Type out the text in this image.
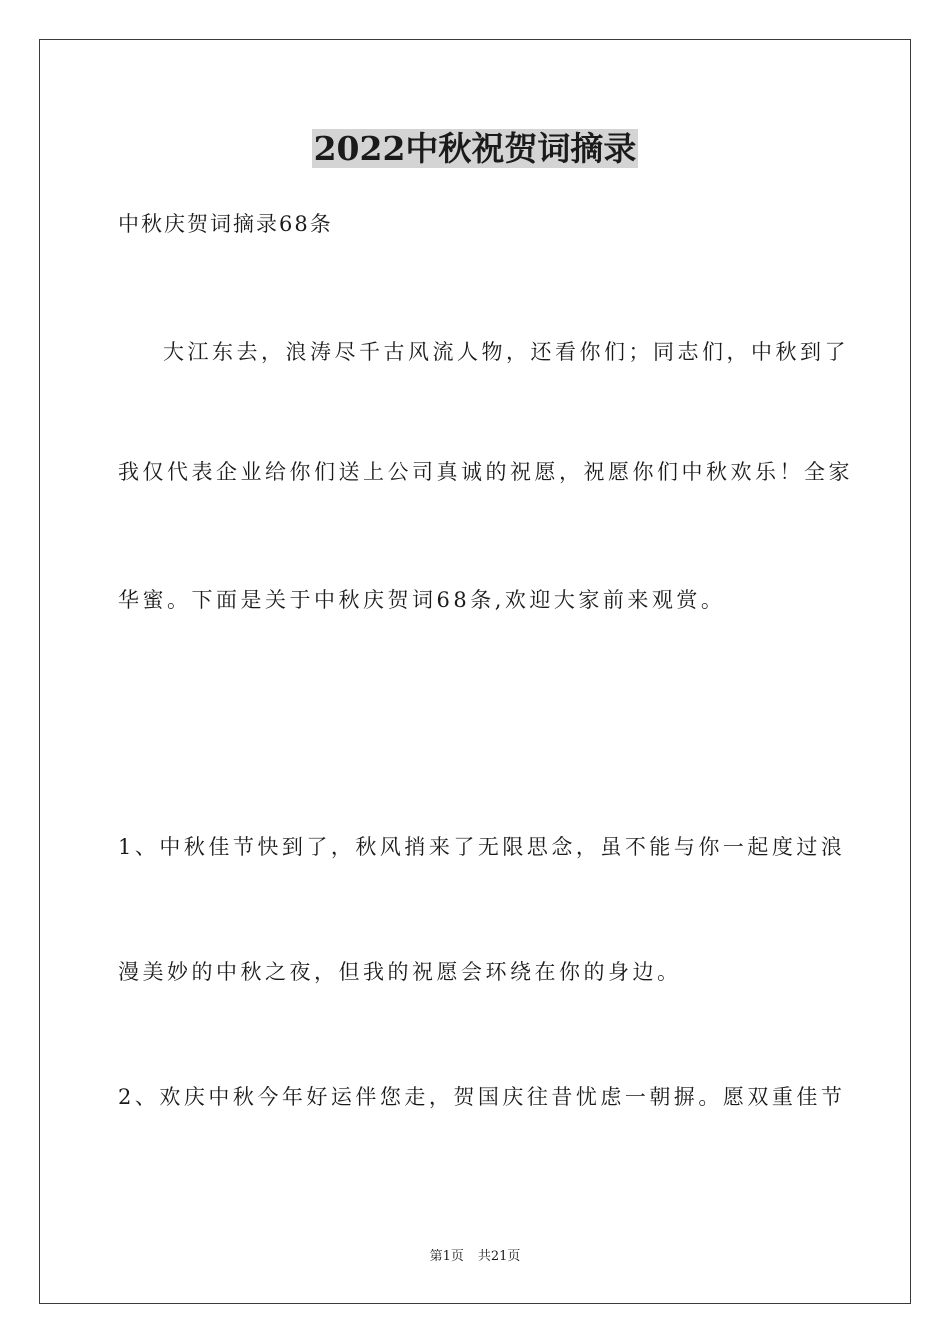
2022中秋祝贺词摘录

中秋庆贺词摘录68条

大江东去，浪涛尽千古风流人物，还看你们；同志们，中秋到了

我仅代表企业给你们送上公司真诚的祝愿，祝愿你们中秋欢乐！全家

华蜜。下面是关于中秋庆贺词68条,欢迎大家前来观赏。

1、中秋佳节快到了，秋风捎来了无限思念，虽不能与你一起度过浪

漫美妙的中秋之夜，但我的祝愿会环绕在你的身边。

2、欢庆中秋今年好运伴您走，贺国庆往昔忧虑一朝摒。愿双重佳节

第1页 共21页
